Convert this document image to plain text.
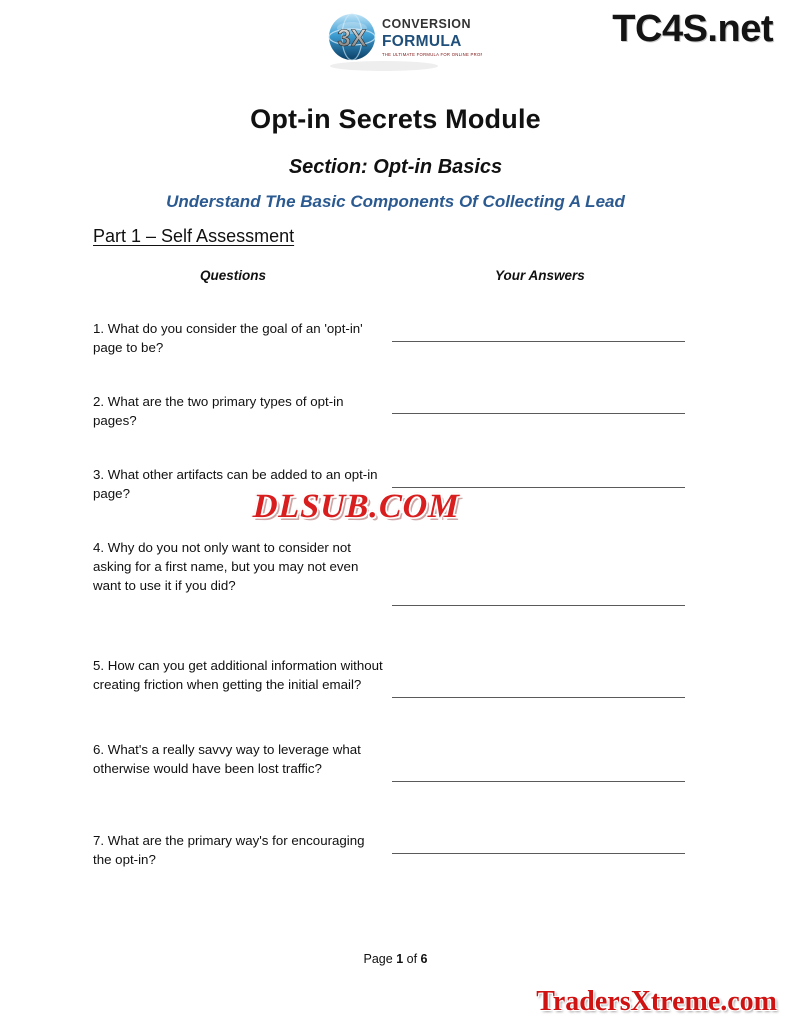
3X
CONVERSION
FORMULA
THE ULTIMATE FORMULA FOR ONLINE PROFITS
TC4S.net
Opt-in Secrets Module
Section: Opt-in Basics
Understand The Basic Components Of Collecting A Lead
Part 1 – Self Assessment
Questions	Your Answers
1. What do you consider the goal of an 'opt-in' page to be?
2. What are the two primary types of opt-in pages?
3. What other artifacts can be added to an opt-in page?
4. Why do you not only want to consider not asking for a first name, but you may not even want to use it if you did?
5. How can you get additional information without creating friction when getting the initial email?
6. What's a really savvy way to leverage what otherwise would have been lost traffic?
7. What are the primary way's for encouraging the opt-in?
DLSUB.COM
TradersXtreme.com
Page 1 of 6
